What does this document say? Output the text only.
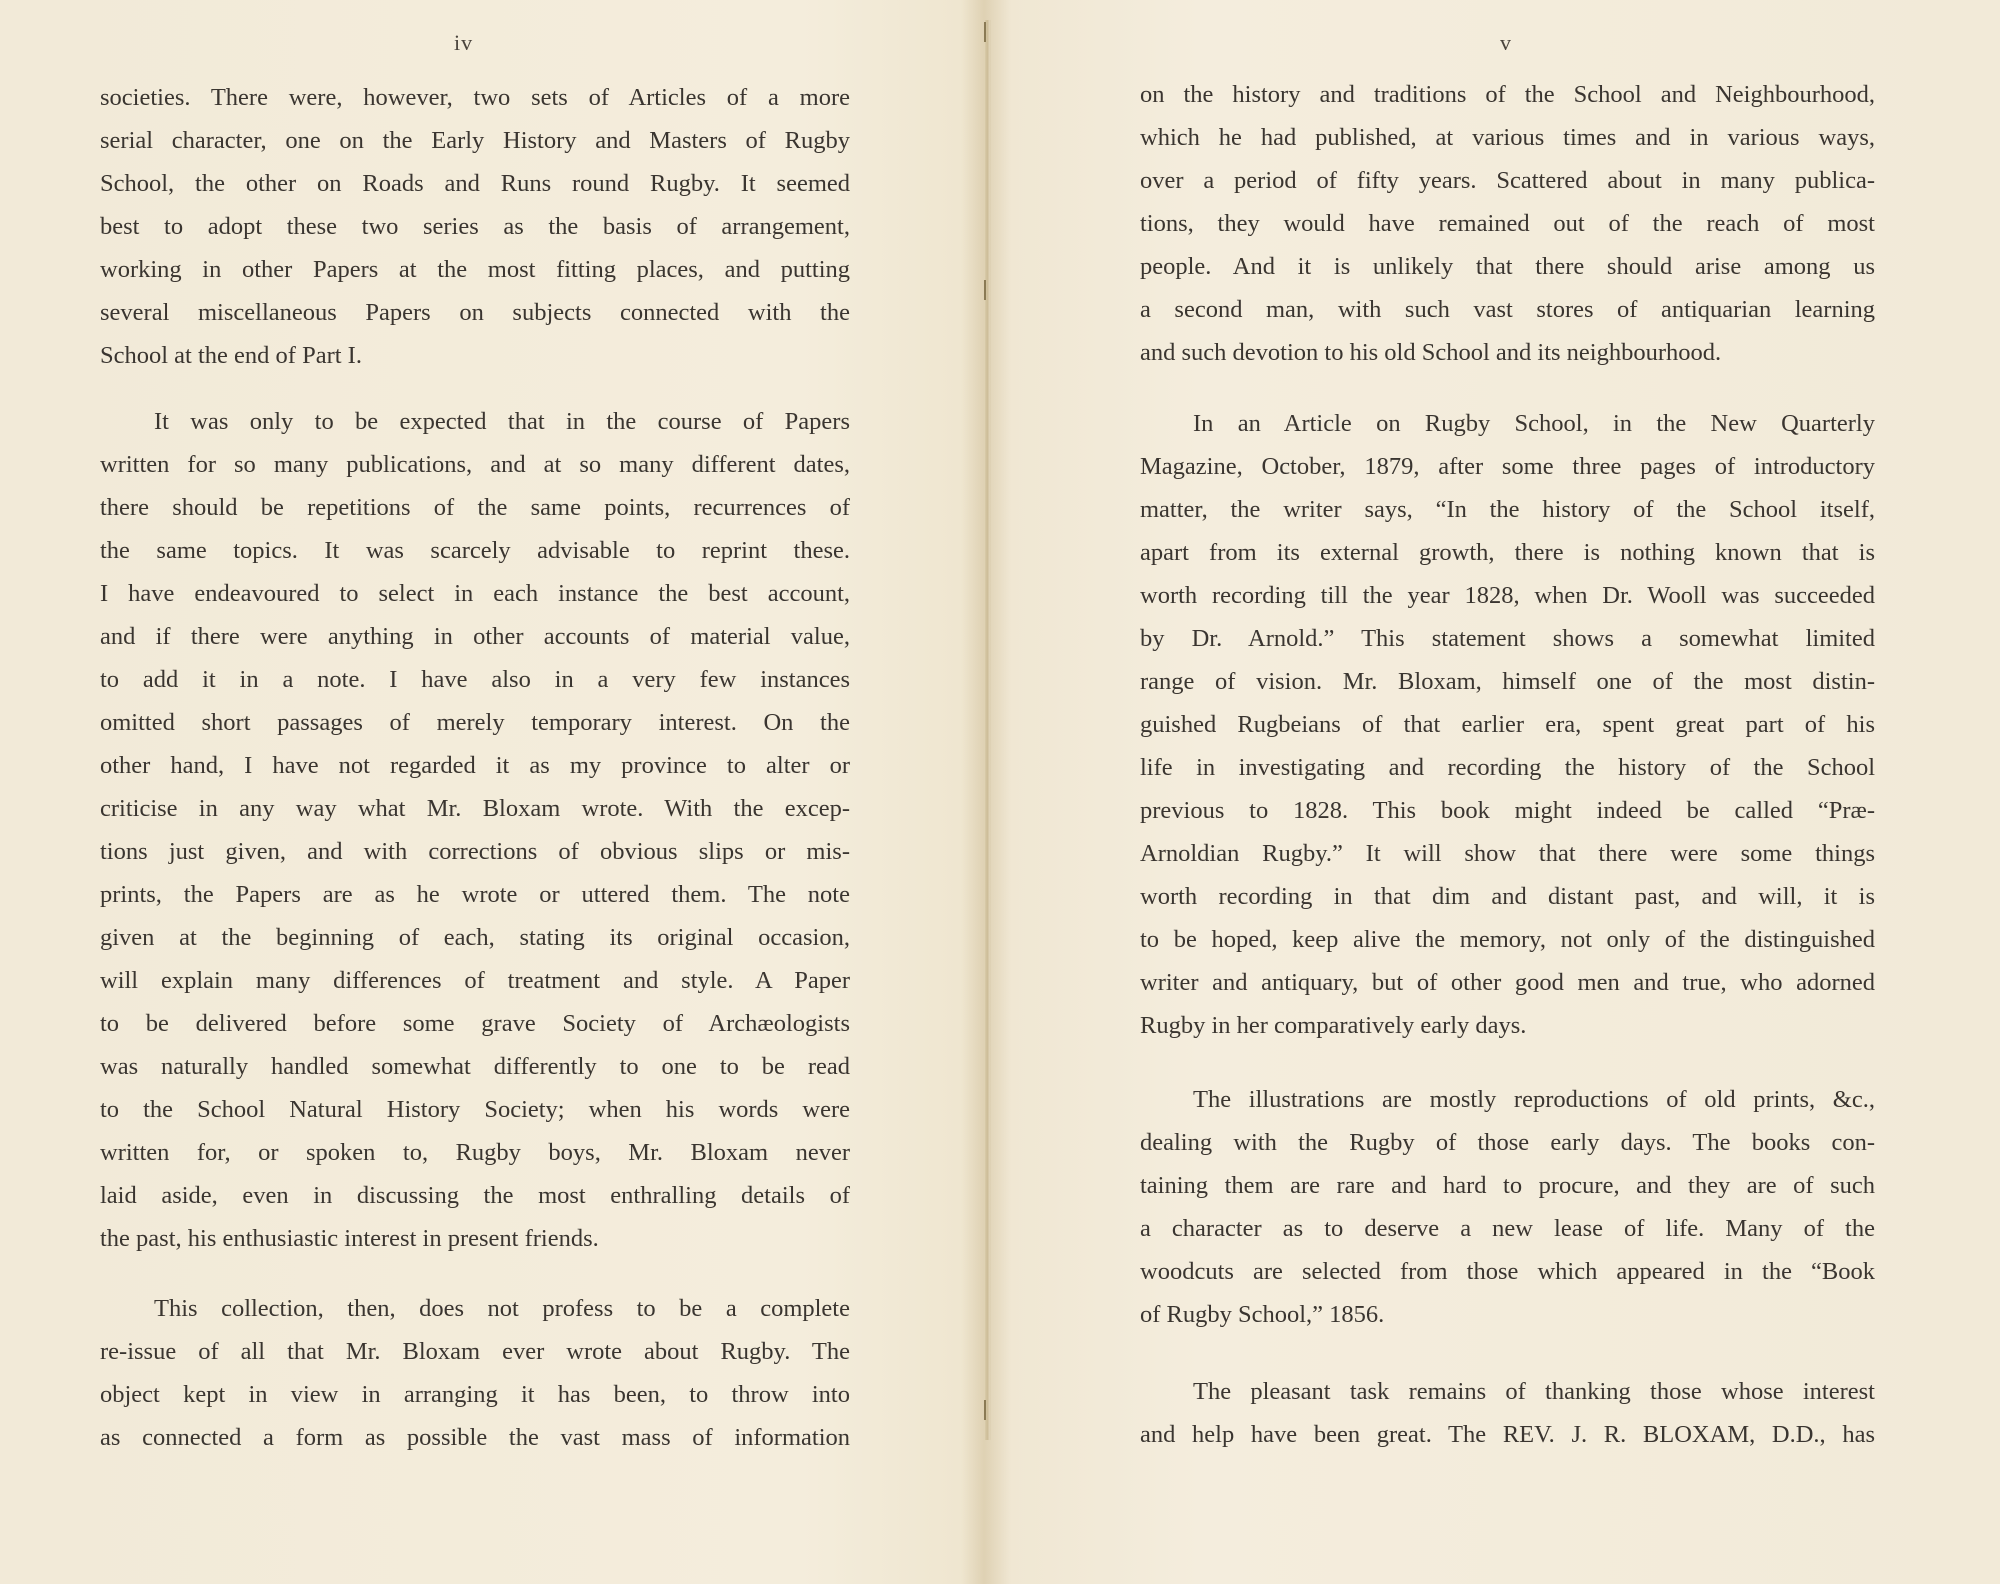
iv
societies. There were, however, two sets of Articles of a more
serial character, one on the Early History and Masters of Rugby
School, the other on Roads and Runs round Rugby. It seemed
best to adopt these two series as the basis of arrangement,
working in other Papers at the most fitting places, and putting
several miscellaneous Papers on subjects connected with the
School at the end of Part I.
It was only to be expected that in the course of Papers
written for so many publications, and at so many different dates,
there should be repetitions of the same points, recurrences of
the same topics. It was scarcely advisable to reprint these.
I have endeavoured to select in each instance the best account,
and if there were anything in other accounts of material value,
to add it in a note. I have also in a very few instances
omitted short passages of merely temporary interest. On the
other hand, I have not regarded it as my province to alter or
criticise in any way what Mr. Bloxam wrote. With the excep-
tions just given, and with corrections of obvious slips or mis-
prints, the Papers are as he wrote or uttered them. The note
given at the beginning of each, stating its original occasion,
will explain many differences of treatment and style. A Paper
to be delivered before some grave Society of Archæologists
was naturally handled somewhat differently to one to be read
to the School Natural History Society; when his words were
written for, or spoken to, Rugby boys, Mr. Bloxam never
laid aside, even in discussing the most enthralling details of
the past, his enthusiastic interest in present friends.
This collection, then, does not profess to be a complete
re-issue of all that Mr. Bloxam ever wrote about Rugby. The
object kept in view in arranging it has been, to throw into
as connected a form as possible the vast mass of information
v
on the history and traditions of the School and Neighbourhood,
which he had published, at various times and in various ways,
over a period of fifty years. Scattered about in many publica-
tions, they would have remained out of the reach of most
people. And it is unlikely that there should arise among us
a second man, with such vast stores of antiquarian learning
and such devotion to his old School and its neighbourhood.
In an Article on Rugby School, in the New Quarterly
Magazine, October, 1879, after some three pages of introductory
matter, the writer says, “In the history of the School itself,
apart from its external growth, there is nothing known that is
worth recording till the year 1828, when Dr. Wooll was succeeded
by Dr. Arnold.” This statement shows a somewhat limited
range of vision. Mr. Bloxam, himself one of the most distin-
guished Rugbeians of that earlier era, spent great part of his
life in investigating and recording the history of the School
previous to 1828. This book might indeed be called “Præ-
Arnoldian Rugby.” It will show that there were some things
worth recording in that dim and distant past, and will, it is
to be hoped, keep alive the memory, not only of the distinguished
writer and antiquary, but of other good men and true, who adorned
Rugby in her comparatively early days.
The illustrations are mostly reproductions of old prints, &c.,
dealing with the Rugby of those early days. The books con-
taining them are rare and hard to procure, and they are of such
a character as to deserve a new lease of life. Many of the
woodcuts are selected from those which appeared in the “Book
of Rugby School,” 1856.
The pleasant task remains of thanking those whose interest
and help have been great. The REV. J. R. BLOXAM, D.D., has
